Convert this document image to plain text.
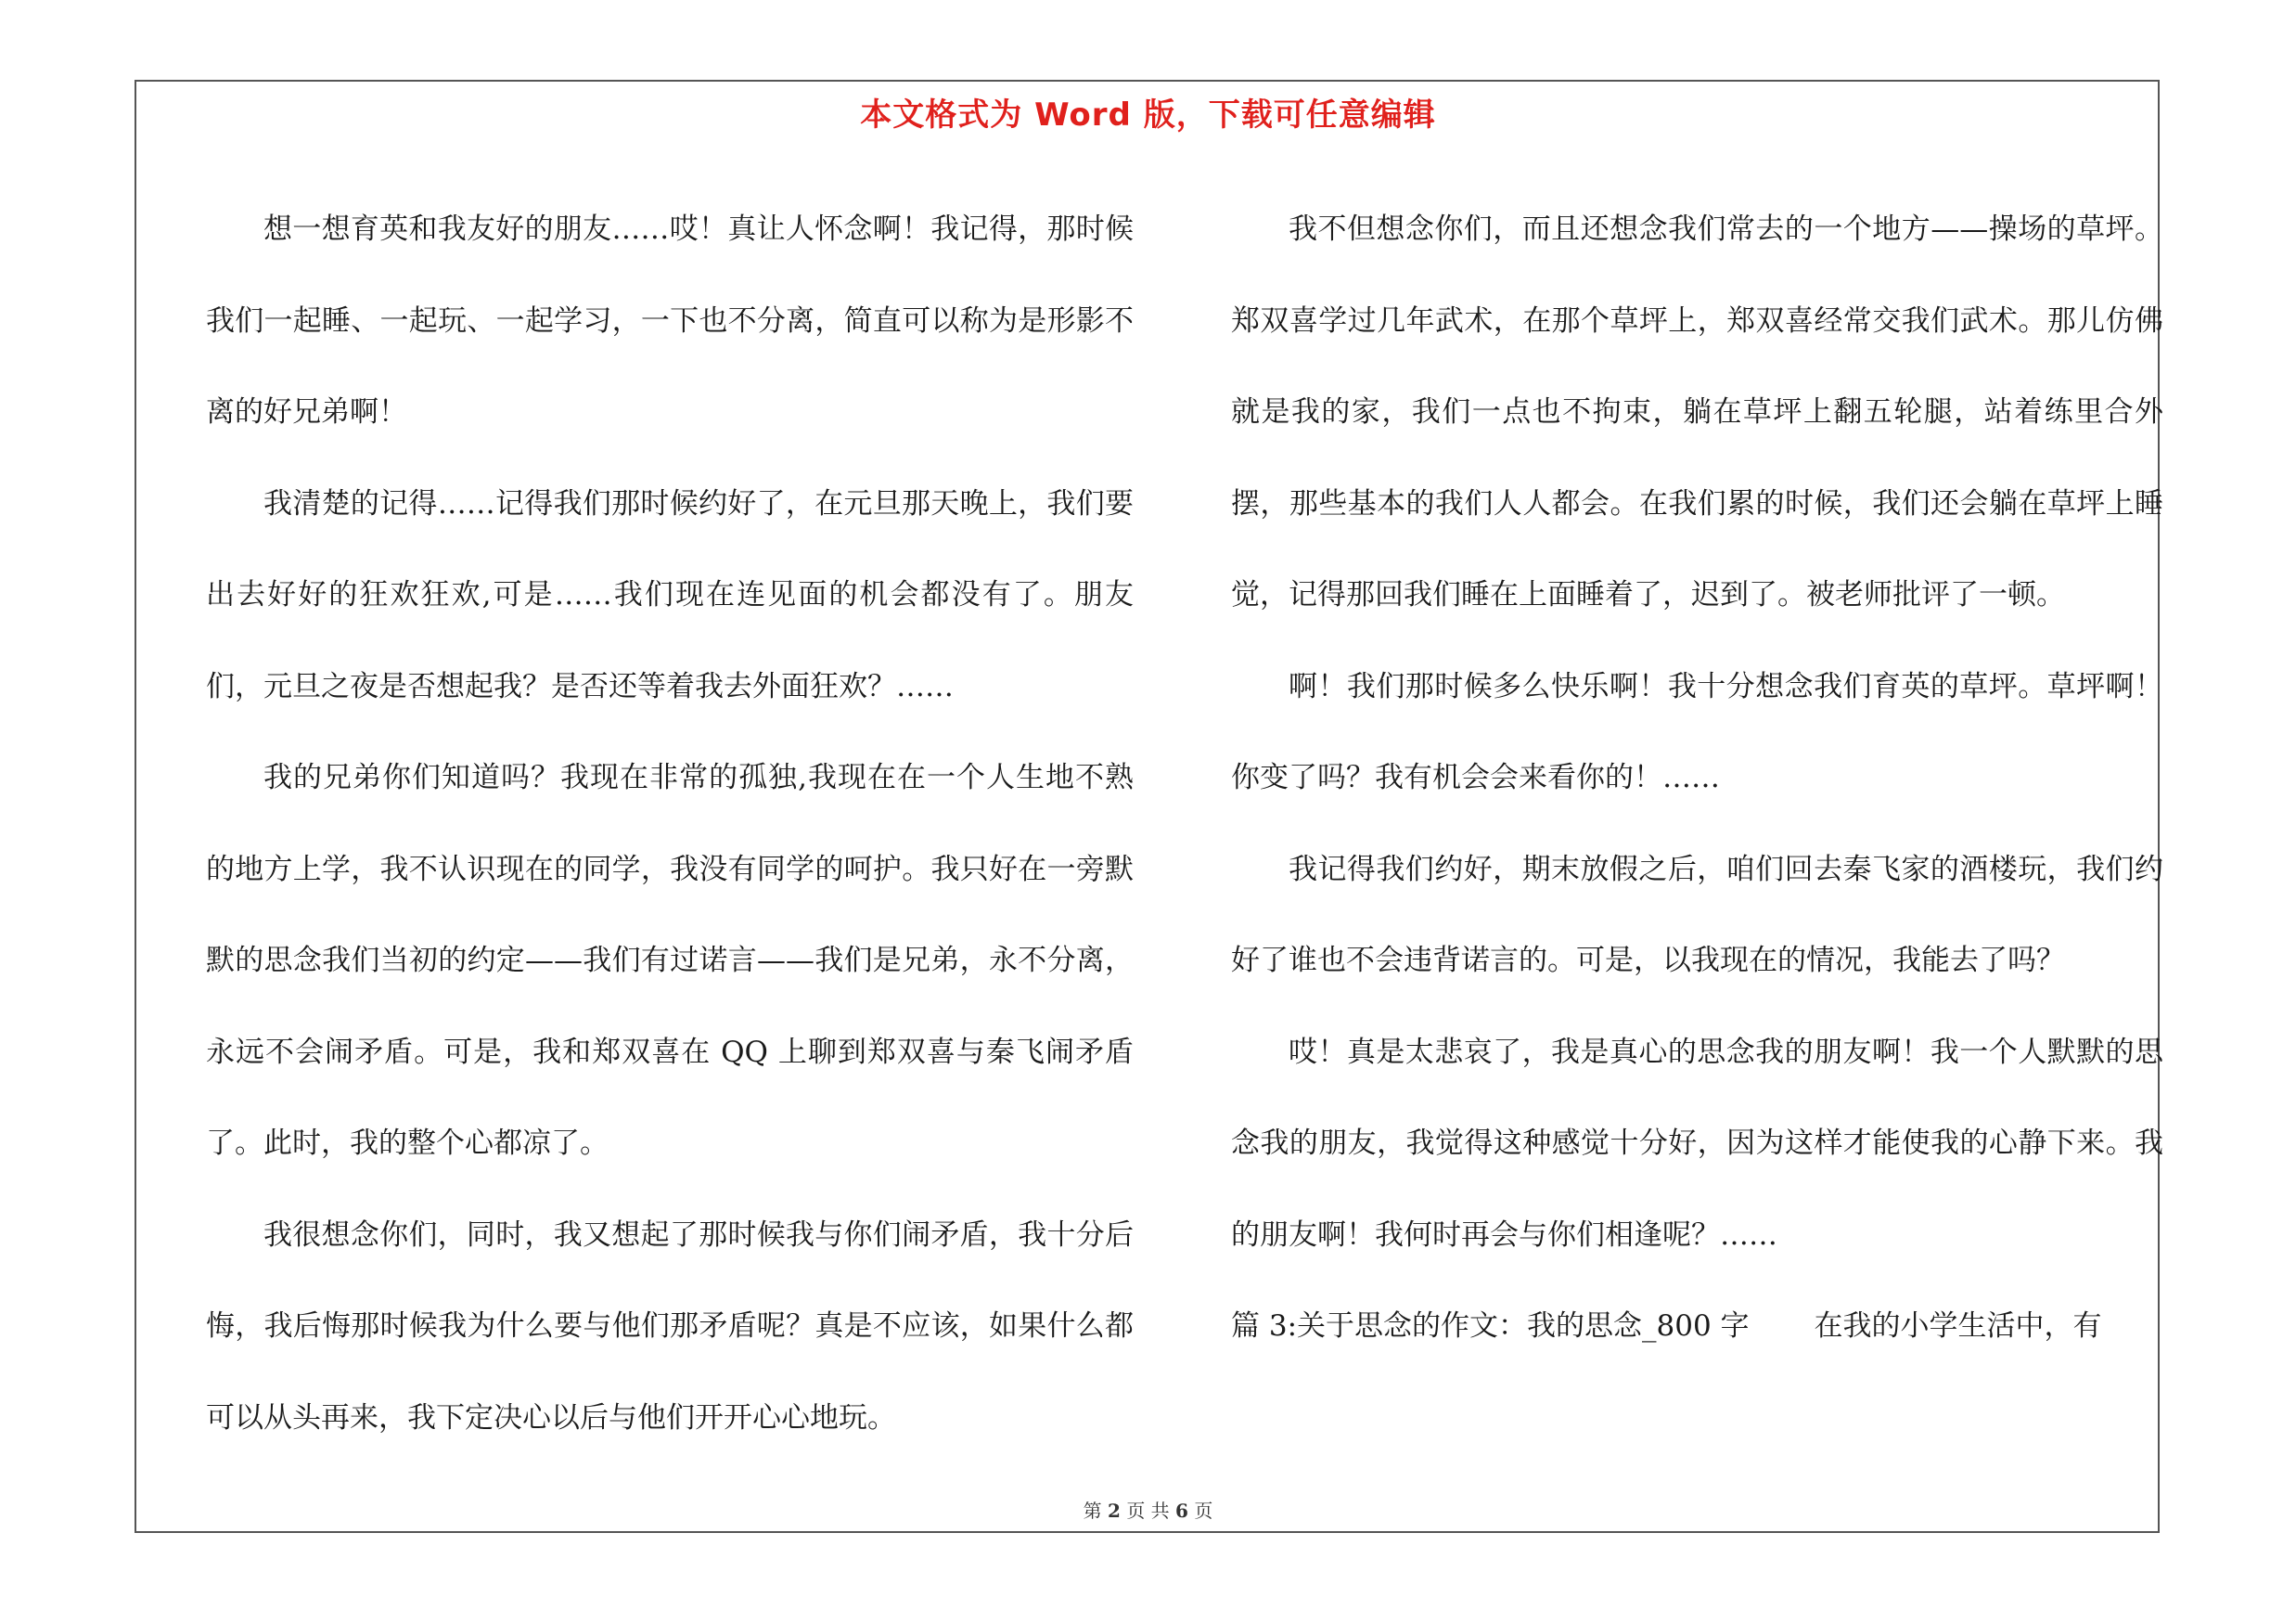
本文格式为 Word 版，下载可任意编辑

想一想育英和我友好的朋友……哎！真让人怀念啊！我记得，那时候我们一起睡、一起玩、一起学习，一下也不分离，简直可以称为是形影不离的好兄弟啊！

我清楚的记得……记得我们那时候约好了，在元旦那天晚上，我们要出去好好的狂欢狂欢,可是……我们现在连见面的机会都没有了。朋友们，元旦之夜是否想起我？是否还等着我去外面狂欢？……

我的兄弟你们知道吗？我现在非常的孤独,我现在在一个人生地不熟的地方上学，我不认识现在的同学，我没有同学的呵护。我只好在一旁默默的思念我们当初的约定——我们有过诺言——我们是兄弟，永不分离，永远不会闹矛盾。可是，我和郑双喜在 QQ 上聊到郑双喜与秦飞闹矛盾了。此时，我的整个心都凉了。

我很想念你们，同时，我又想起了那时候我与你们闹矛盾，我十分后悔，我后悔那时候我为什么要与他们那矛盾呢？真是不应该，如果什么都可以从头再来，我下定决心以后与他们开开心心地玩。

我不但想念你们，而且还想念我们常去的一个地方——操场的草坪。郑双喜学过几年武术，在那个草坪上，郑双喜经常交我们武术。那儿仿佛就是我的家，我们一点也不拘束，躺在草坪上翻五轮腿，站着练里合外摆，那些基本的我们人人都会。在我们累的时候，我们还会躺在草坪上睡觉，记得那回我们睡在上面睡着了，迟到了。被老师批评了一顿。

啊！我们那时候多么快乐啊！我十分想念我们育英的草坪。草坪啊！你变了吗？我有机会会来看你的！……

我记得我们约好，期末放假之后，咱们回去秦飞家的酒楼玩，我们约好了谁也不会违背诺言的。可是，以我现在的情况，我能去了吗？

哎！真是太悲哀了，我是真心的思念我的朋友啊！我一个人默默的思念我的朋友，我觉得这种感觉十分好，因为这样才能使我的心静下来。我的朋友啊！我何时再会与你们相逢呢？……

篇 3:关于思念的作文：我的思念_800 字 在我的小学生活中，有

第 2 页 共 6 页
